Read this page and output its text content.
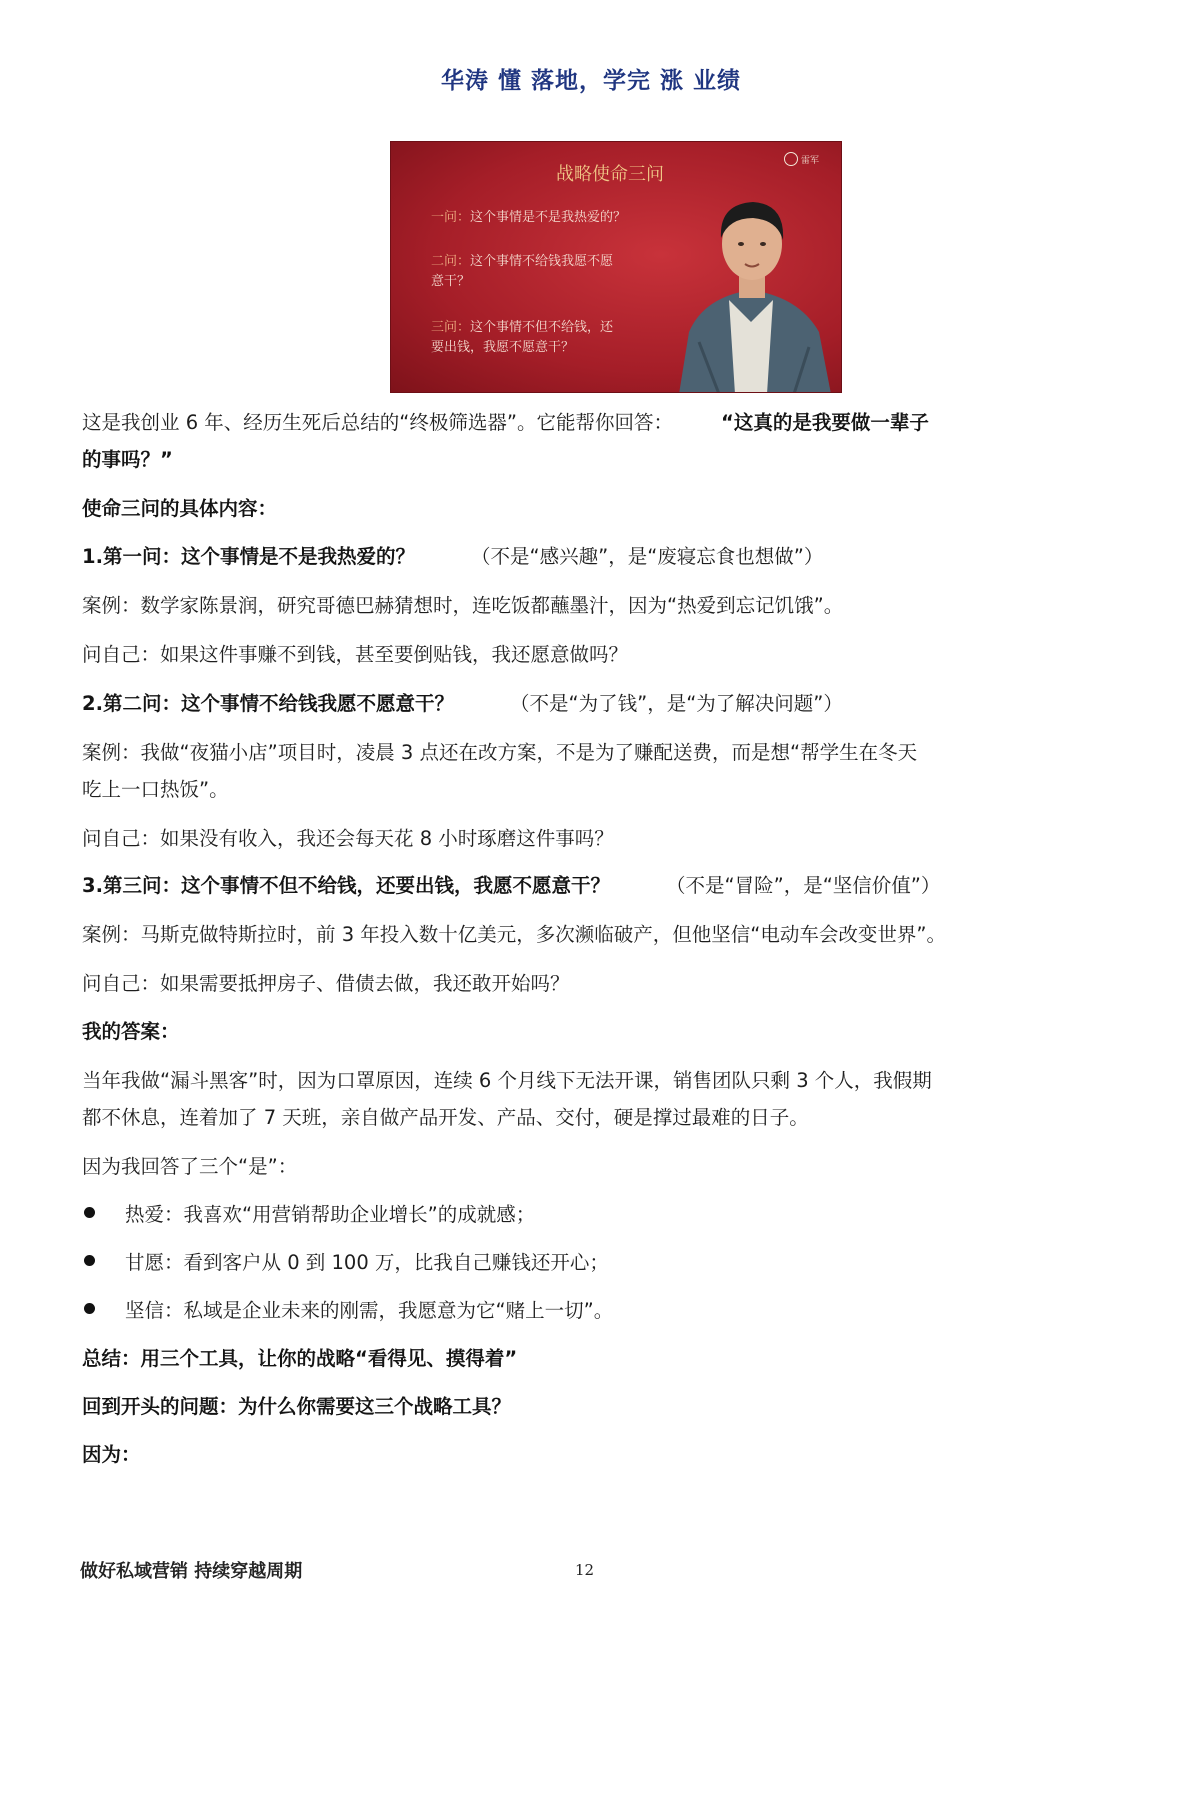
华涛 懂 落地，学完 涨 业绩
战略使命三问
雷军
一问：这个事情是不是我热爱的？
二问：这个事情不给钱我愿不愿
意干？
三问：这个事情不但不给钱，还
要出钱，我愿不愿意干？
这是我创业 6 年、经历生死后总结的“终极筛选器”。它能帮你回答： “这真的是我要做一辈子
的事吗？”
使命三问的具体内容：
1.第一问：这个事情是不是我热爱的？	（不是“感兴趣”，是“废寝忘食也想做”）
案例：数学家陈景润，研究哥德巴赫猜想时，连吃饭都蘸墨汁，因为“热爱到忘记饥饿”。
问自己：如果这件事赚不到钱，甚至要倒贴钱，我还愿意做吗？
2.第二问：这个事情不给钱我愿不愿意干？	（不是“为了钱”，是“为了解决问题”）
案例：我做“夜猫小店”项目时，凌晨 3 点还在改方案，不是为了赚配送费，而是想“帮学生在冬天
吃上一口热饭”。
问自己：如果没有收入，我还会每天花 8 小时琢磨这件事吗？
3.第三问：这个事情不但不给钱，还要出钱，我愿不愿意干？	（不是“冒险”，是“坚信价值”）
案例：马斯克做特斯拉时，前 3 年投入数十亿美元，多次濒临破产，但他坚信“电动车会改变世界”。
问自己：如果需要抵押房子、借债去做，我还敢开始吗？
我的答案：
当年我做“漏斗黑客”时，因为口罩原因，连续 6 个月线下无法开课，销售团队只剩 3 个人，我假期
都不休息，连着加了 7 天班，亲自做产品开发、产品、交付，硬是撑过最难的日子。
因为我回答了三个“是”：
热爱：我喜欢“用营销帮助企业增长”的成就感；
甘愿：看到客户从 0 到 100 万，比我自己赚钱还开心；
坚信：私域是企业未来的刚需，我愿意为它“赌上一切”。
总结：用三个工具，让你的战略“看得见、摸得着”
回到开头的问题：为什么你需要这三个战略工具？
因为：
做好私域营销 持续穿越周期	12
